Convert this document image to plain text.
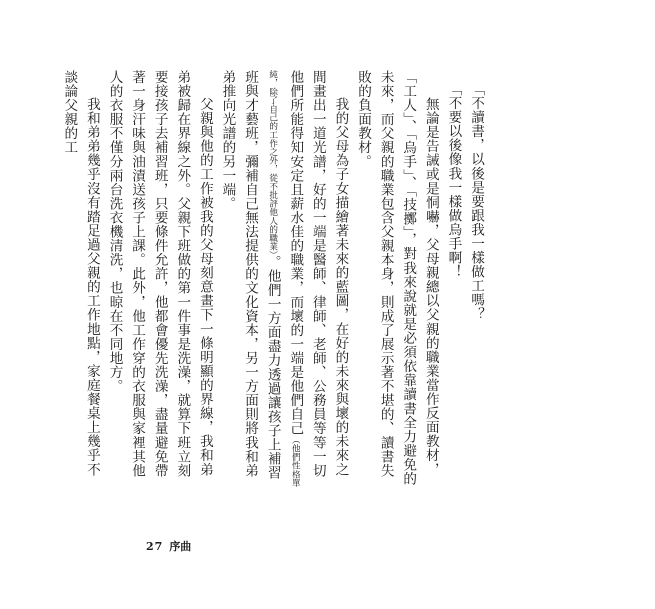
「不讀書，以後是要跟我一樣做工嗎？

「不要以後像我一樣做烏手啊！

無論是告誡或是恫嚇，父母親總以父親的職業當作反面教材，「工人」、「烏手」、「技擲」，對我來說就是必須依靠讀書全力避免的未來，而父親的職業包含父親本身，則成了展示著不堪的、讀書失敗的負面教材。

我的父母為子女描繪著未來的藍圖，在好的未來與壞的未來之間畫出一道光譜，好的一端是醫師、律師、老師、公務員等等一切他們所能得知安定且薪水佳的職業，而壞的一端是他們自己（他們性格單純，除了自己的工作之外，從不批評他人的職業）。他們一方面盡力透過讓孩子上補習班與才藝班，彌補自己無法提供的文化資本，另一方面則將我和弟弟推向光譜的另一端。

父親與他的工作被我的父母刻意畫下一條明顯的界線，我和弟弟被歸在界線之外。父親下班做的第一件事是洗澡，就算下班立刻要接孩子去補習班，只要條件允許，他都會優先洗澡，盡量避免帶著一身汗味與油漬送孩子上課。此外，他工作穿的衣服與家裡其他人的衣服不僅分兩台洗衣機清洗，也晾在不同地方。

我和弟弟幾乎沒有踏足過父親的工作地點，家庭餐桌上幾乎不談論父親的工

27 序曲
